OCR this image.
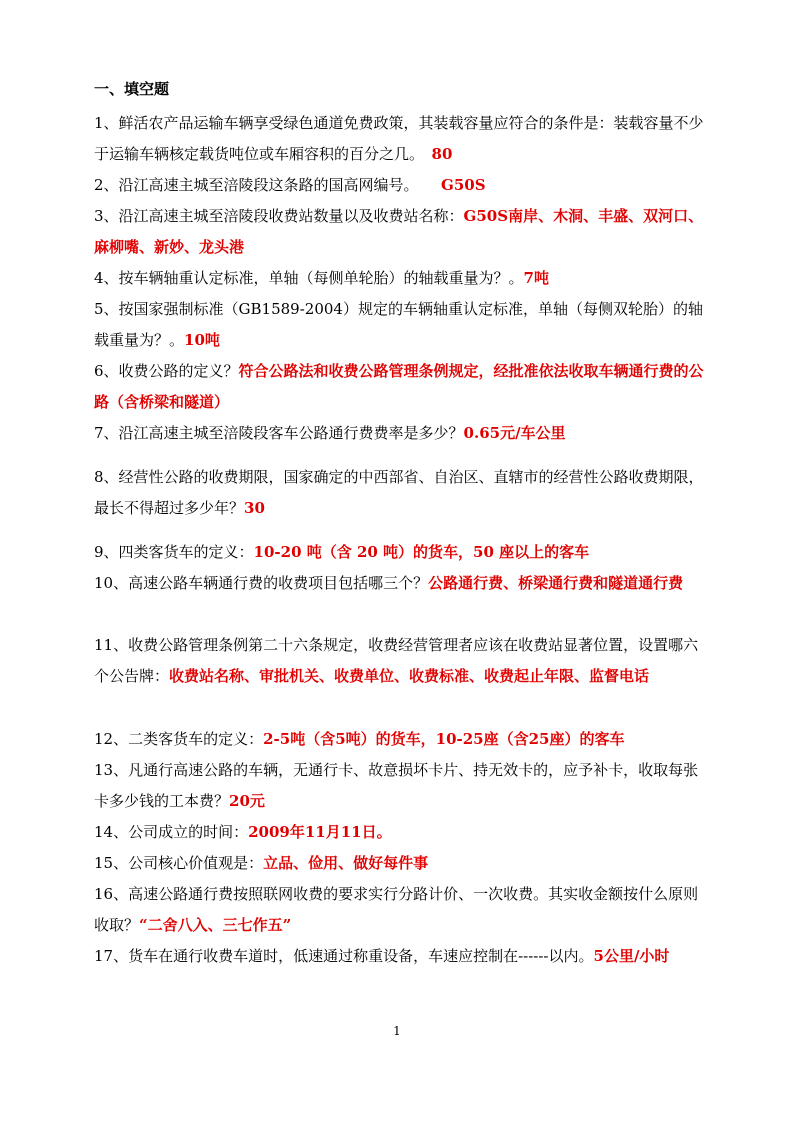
一、填空题
1、鲜活农产品运输车辆享受绿色通道免费政策，其装载容量应符合的条件是：装载容量不少于运输车辆核定载货吨位或车厢容积的百分之几。　80
2、沿江高速主城至涪陵段这条路的国高网编号。　　G50S
3、沿江高速主城至涪陵段收费站数量以及收费站名称：G50S南岸、木洞、丰盛、双河口、麻柳嘴、新妙、龙头港
4、按车辆轴重认定标准，单轴（每侧单轮胎）的轴载重量为？。7吨
5、按国家强制标准（GB1589-2004）规定的车辆轴重认定标准，单轴（每侧双轮胎）的轴载重量为？。10吨
6、收费公路的定义？符合公路法和收费公路管理条例规定，经批准依法收取车辆通行费的公路（含桥梁和隧道）
7、沿江高速主城至涪陵段客车公路通行费费率是多少？0.65元/车公里
8、经营性公路的收费期限，国家确定的中西部省、自治区、直辖市的经营性公路收费期限，最长不得超过多少年？30
9、四类客货车的定义：10-20 吨（含 20 吨）的货车，50 座以上的客车
10、高速公路车辆通行费的收费项目包括哪三个？公路通行费、桥梁通行费和隧道通行费
11、收费公路管理条例第二十六条规定，收费经营管理者应该在收费站显著位置，设置哪六个公告牌：收费站名称、审批机关、收费单位、收费标准、收费起止年限、监督电话
12、二类客货车的定义：2-5吨（含5吨）的货车，10-25座（含25座）的客车
13、凡通行高速公路的车辆，无通行卡、故意损坏卡片、持无效卡的，应予补卡，收取每张卡多少钱的工本费？20元
14、公司成立的时间：2009年11月11日。
15、公司核心价值观是：立品、俭用、做好每件事
16、高速公路通行费按照联网收费的要求实行分路计价、一次收费。其实收金额按什么原则收取？“二舍八入、三七作五”
17、货车在通行收费车道时，低速通过称重设备，车速应控制在------以内。5公里/小时
1
